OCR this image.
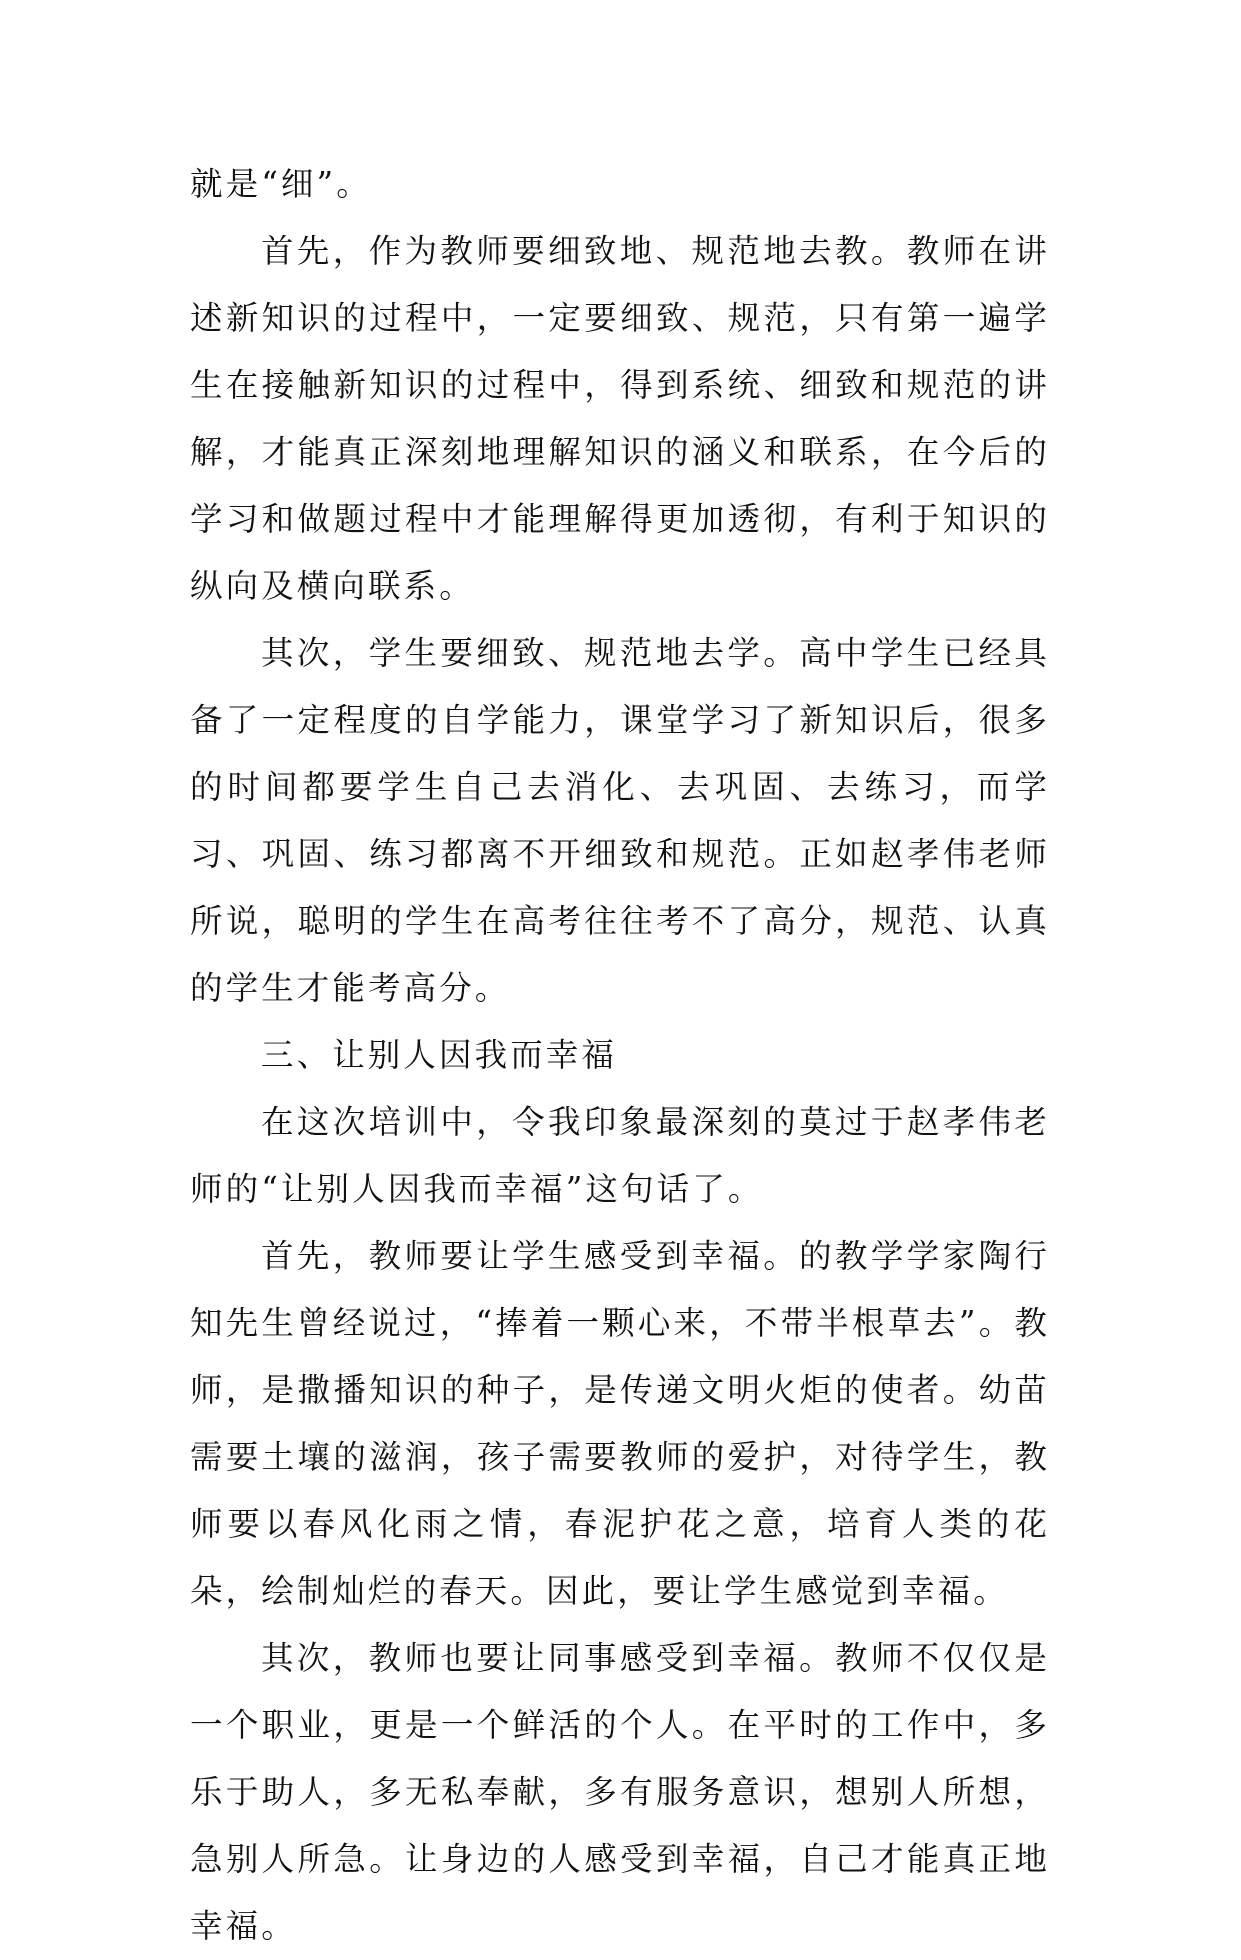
就是“细”。

首先，作为教师要细致地、规范地去教。教师在讲述新知识的过程中，一定要细致、规范，只有第一遍学生在接触新知识的过程中，得到系统、细致和规范的讲解，才能真正深刻地理解知识的涵义和联系，在今后的学习和做题过程中才能理解得更加透彻，有利于知识的纵向及横向联系。

其次，学生要细致、规范地去学。高中学生已经具备了一定程度的自学能力，课堂学习了新知识后，很多的时间都要学生自己去消化、去巩固、去练习，而学习、巩固、练习都离不开细致和规范。正如赵孝伟老师所说，聪明的学生在高考往往考不了高分，规范、认真的学生才能考高分。

三、让别人因我而幸福

在这次培训中，令我印象最深刻的莫过于赵孝伟老师的“让别人因我而幸福”这句话了。

首先，教师要让学生感受到幸福。的教学学家陶行知先生曾经说过，“捧着一颗心来，不带半根草去”。教师，是撒播知识的种子，是传递文明火炬的使者。幼苗需要土壤的滋润，孩子需要教师的爱护，对待学生，教师要以春风化雨之情，春泥护花之意，培育人类的花朵，绘制灿烂的春天。因此，要让学生感觉到幸福。

其次，教师也要让同事感受到幸福。教师不仅仅是一个职业，更是一个鲜活的个人。在平时的工作中，多乐于助人，多无私奉献，多有服务意识，想别人所想，急别人所急。让身边的人感受到幸福，自己才能真正地幸福。
